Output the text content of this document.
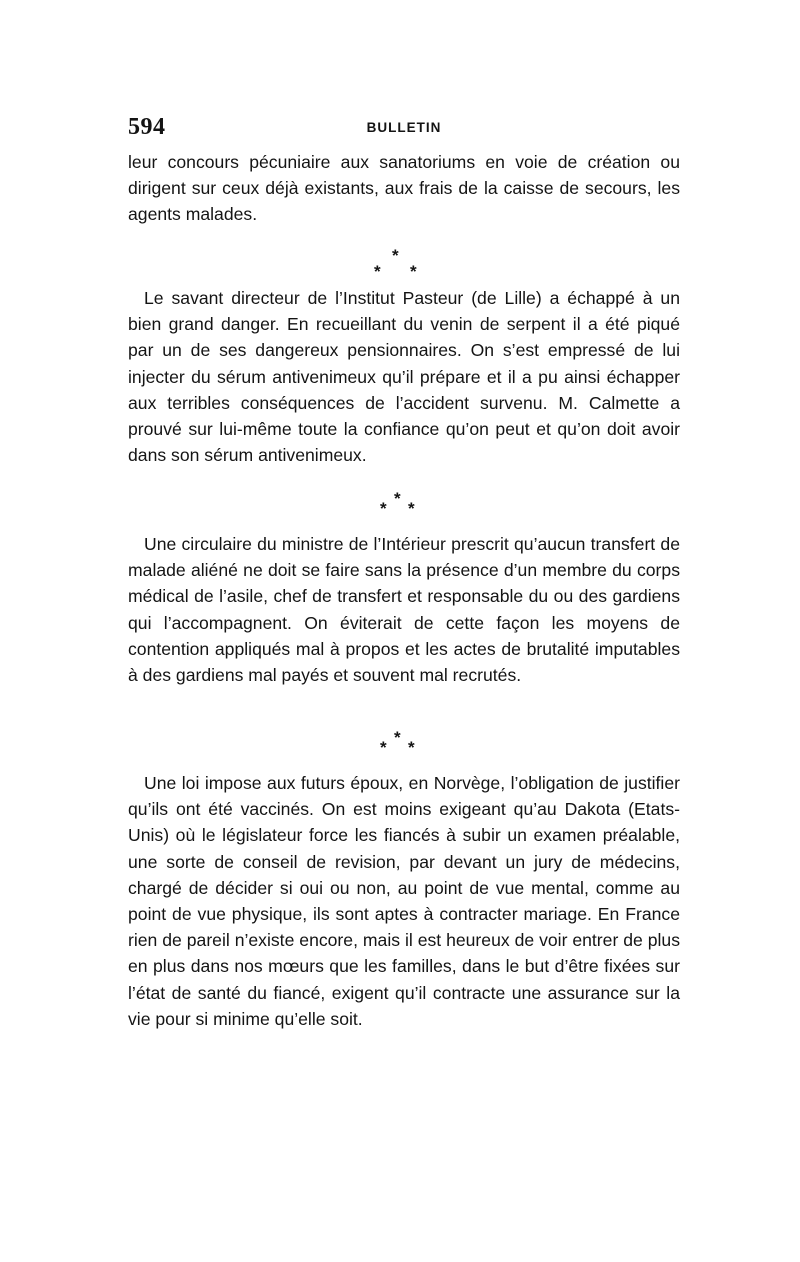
594	BULLETIN

leur concours pécuniaire aux sanatoriums en voie de création ou dirigent sur ceux déjà existants, aux frais de la caisse de secours, les agents malades.

*
* *

Le savant directeur de l’Institut Pasteur (de Lille) a échappé à un bien grand danger. En recueillant du venin de serpent il a été piqué par un de ses dangereux pensionnaires. On s’est empressé de lui injecter du sérum antivenimeux qu’il prépare et il a pu ainsi échapper aux terribles conséquences de l’accident survenu. M. Calmette a prouvé sur lui-même toute la confiance qu’on peut et qu’on doit avoir dans son sérum antivenimeux.

*
* *

Une circulaire du ministre de l’Intérieur prescrit qu’aucun transfert de malade aliéné ne doit se faire sans la présence d’un membre du corps médical de l’asile, chef de transfert et responsable du ou des gardiens qui l’accompagnent. On éviterait de cette façon les moyens de contention appliqués mal à propos et les actes de brutalité imputables à des gardiens mal payés et souvent mal recrutés.

*
* *

Une loi impose aux futurs époux, en Norvège, l’obligation de justifier qu’ils ont été vaccinés. On est moins exigeant qu’au Dakota (Etats-Unis) où le législateur force les fiancés à subir un examen préalable, une sorte de conseil de revision, par devant un jury de médecins, chargé de décider si oui ou non, au point de vue mental, comme au point de vue physique, ils sont aptes à contracter mariage. En France rien de pareil n’existe encore, mais il est heureux de voir entrer de plus en plus dans nos mœurs que les familles, dans le but d’être fixées sur l’état de santé du fiancé, exigent qu’il contracte une assurance sur la vie pour si minime qu’elle soit.
